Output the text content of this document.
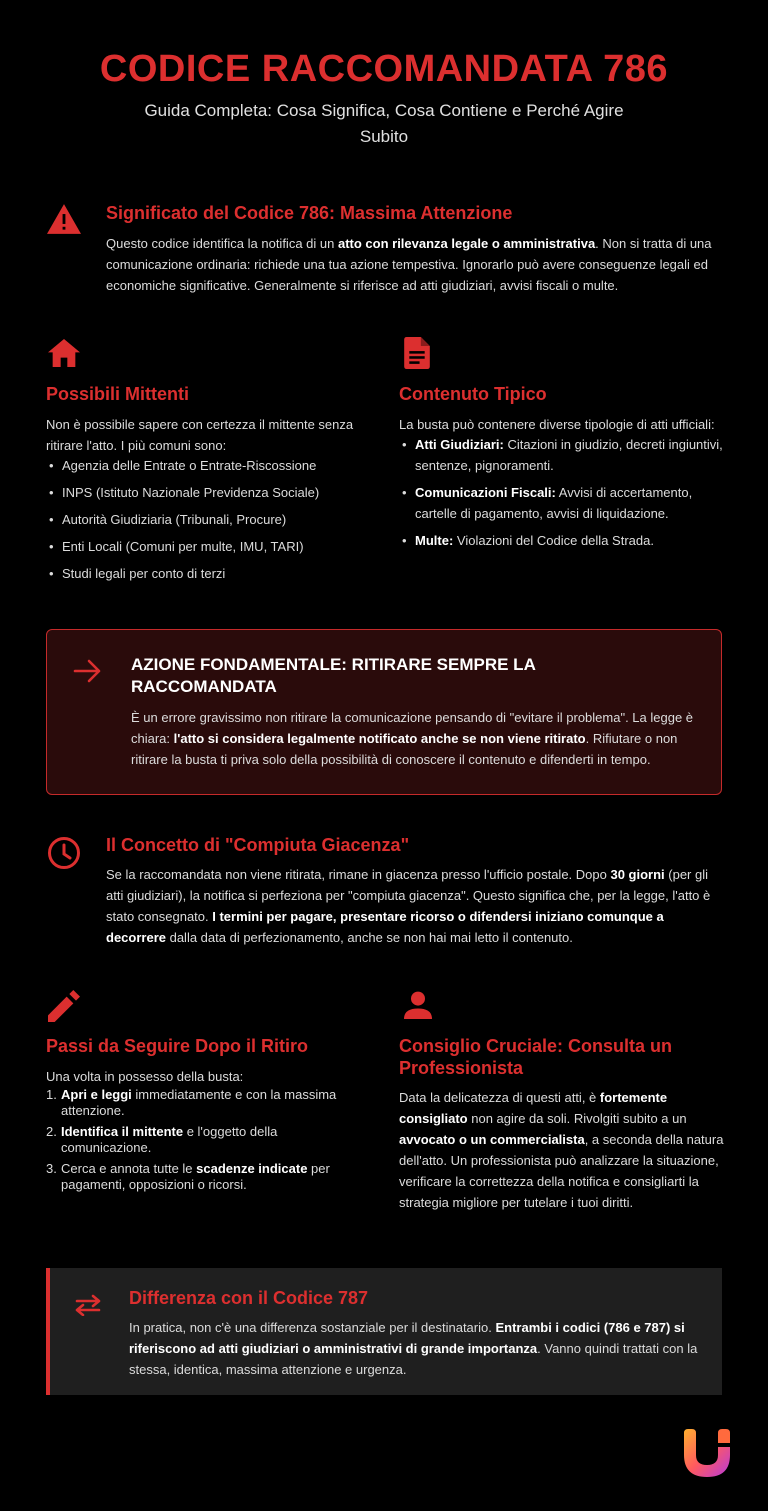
CODICE RACCOMANDATA 786
Guida Completa: Cosa Significa, Cosa Contiene e Perché Agire Subito
Significato del Codice 786: Massima Attenzione

Questo codice identifica la notifica di un atto con rilevanza legale o amministrativa. Non si tratta di una comunicazione ordinaria: richiede una tua azione tempestiva. Ignorarlo può avere conseguenze legali ed economiche significative. Generalmente si riferisce ad atti giudiziari, avvisi fiscali o multe.

Possibili Mittenti

Non è possibile sapere con certezza il mittente senza ritirare l'atto. I più comuni sono:

• Agenzia delle Entrate o Entrate-Riscossione
• INPS (Istituto Nazionale Previdenza Sociale)
• Autorità Giudiziaria (Tribunali, Procure)
• Enti Locali (Comuni per multe, IMU, TARI)
• Studi legali per conto di terzi
Contenuto Tipico

La busta può contenere diverse tipologie di atti ufficiali:

• Atti Giudiziari: Citazioni in giudizio, decreti ingiuntivi, sentenze, pignoramenti.
• Comunicazioni Fiscali: Avvisi di accertamento, cartelle di pagamento, avvisi di liquidazione.
• Multe: Violazioni del Codice della Strada.
AZIONE FONDAMENTALE: RITIRARE SEMPRE LA RACCOMANDATA

È un errore gravissimo non ritirare la comunicazione pensando di "evitare il problema". La legge è chiara: l'atto si considera legalmente notificato anche se non viene ritirato. Rifiutare o non ritirare la busta ti priva solo della possibilità di conoscere il contenuto e difenderti in tempo.

Il Concetto di "Compiuta Giacenza"

Se la raccomandata non viene ritirata, rimane in giacenza presso l'ufficio postale. Dopo 30 giorni (per gli atti giudiziari), la notifica si perfeziona per "compiuta giacenza". Questo significa che, per la legge, l'atto è stato consegnato. I termini per pagare, presentare ricorso o difendersi iniziano comunque a decorrere dalla data di perfezionamento, anche se non hai mai letto il contenuto.

Passi da Seguire Dopo il Ritiro

Una volta in possesso della busta:

Apri e leggi immediatamente e con la massima attenzione.
Identifica il mittente e l'oggetto della comunicazione.
Cerca e annota tutte le scadenze indicate per pagamenti, opposizioni o ricorsi.
Consiglio Cruciale: Consulta un Professionista

Data la delicatezza di questi atti, è fortemente consigliato non agire da soli. Rivolgiti subito a un avvocato o un commercialista, a seconda della natura dell'atto. Un professionista può analizzare la situazione, verificare la correttezza della notifica e consigliarti la strategia migliore per tutelare i tuoi diritti.

Differenza con il Codice 787

In pratica, non c'è una differenza sostanziale per il destinatario. Entrambi i codici (786 e 787) si riferiscono ad atti giudiziari o amministrativi di grande importanza. Vanno quindi trattati con la stessa, identica, massima attenzione e urgenza.
